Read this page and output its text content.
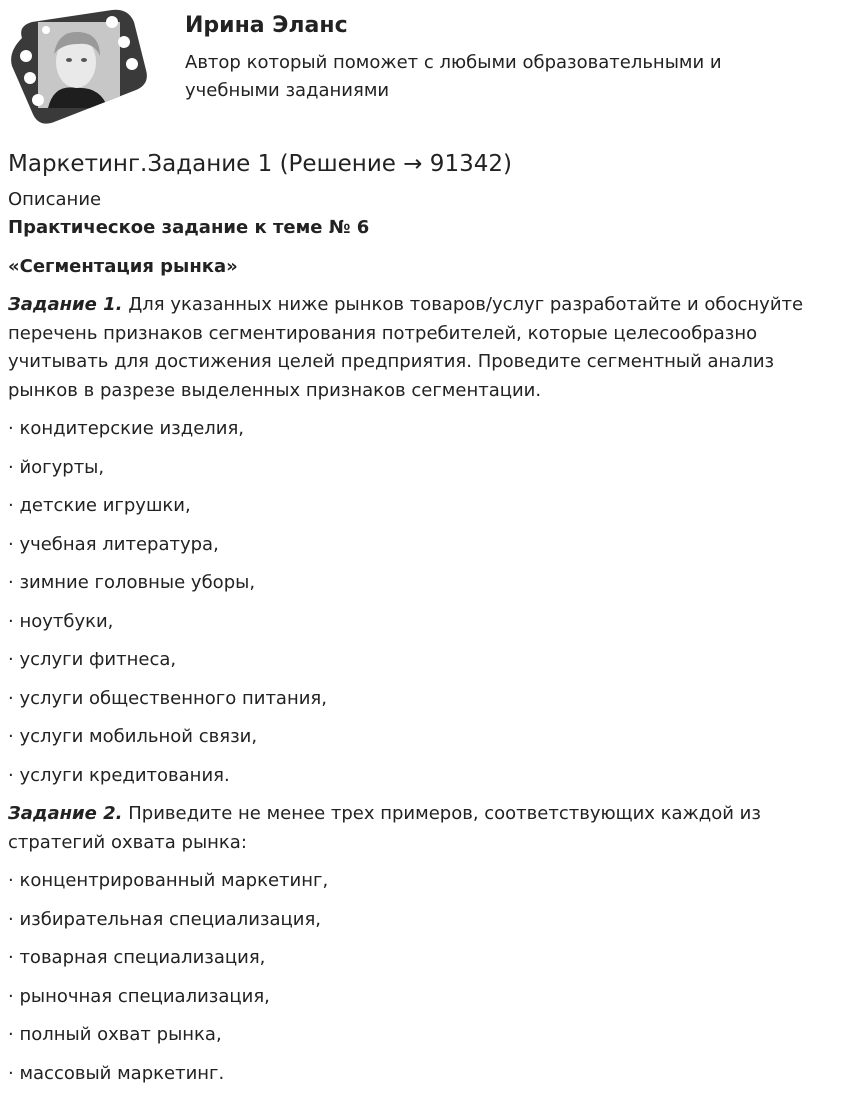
Ирина Эланс

Автор который поможет с любыми образовательными и учебными заданиями

Маркетинг.Задание 1 (Решение → 91342)
Описание

Практическое задание к теме № 6

«Сегментация рынка»

Задание 1. Для указанных ниже рынков товаров/услуг разработайте и обоснуйте перечень признаков сегментирования потребителей, которые целесообразно учитывать для достижения целей предприятия. Проведите сегментный анализ рынков в разрезе выделенных признаков сегментации.

· кондитерские изделия,
· йогурты,
· детские игрушки,
· учебная литература,
· зимние головные уборы,
· ноутбуки,
· услуги фитнеса,
· услуги общественного питания,
· услуги мобильной связи,
· услуги кредитования.

Задание 2. Приведите не менее трех примеров, соответствующих каждой из стратегий охвата рынка:

· концентрированный маркетинг,
· избирательная специализация,
· товарная специализация,
· рыночная специализация,
· полный охват рынка,
· массовый маркетинг.
